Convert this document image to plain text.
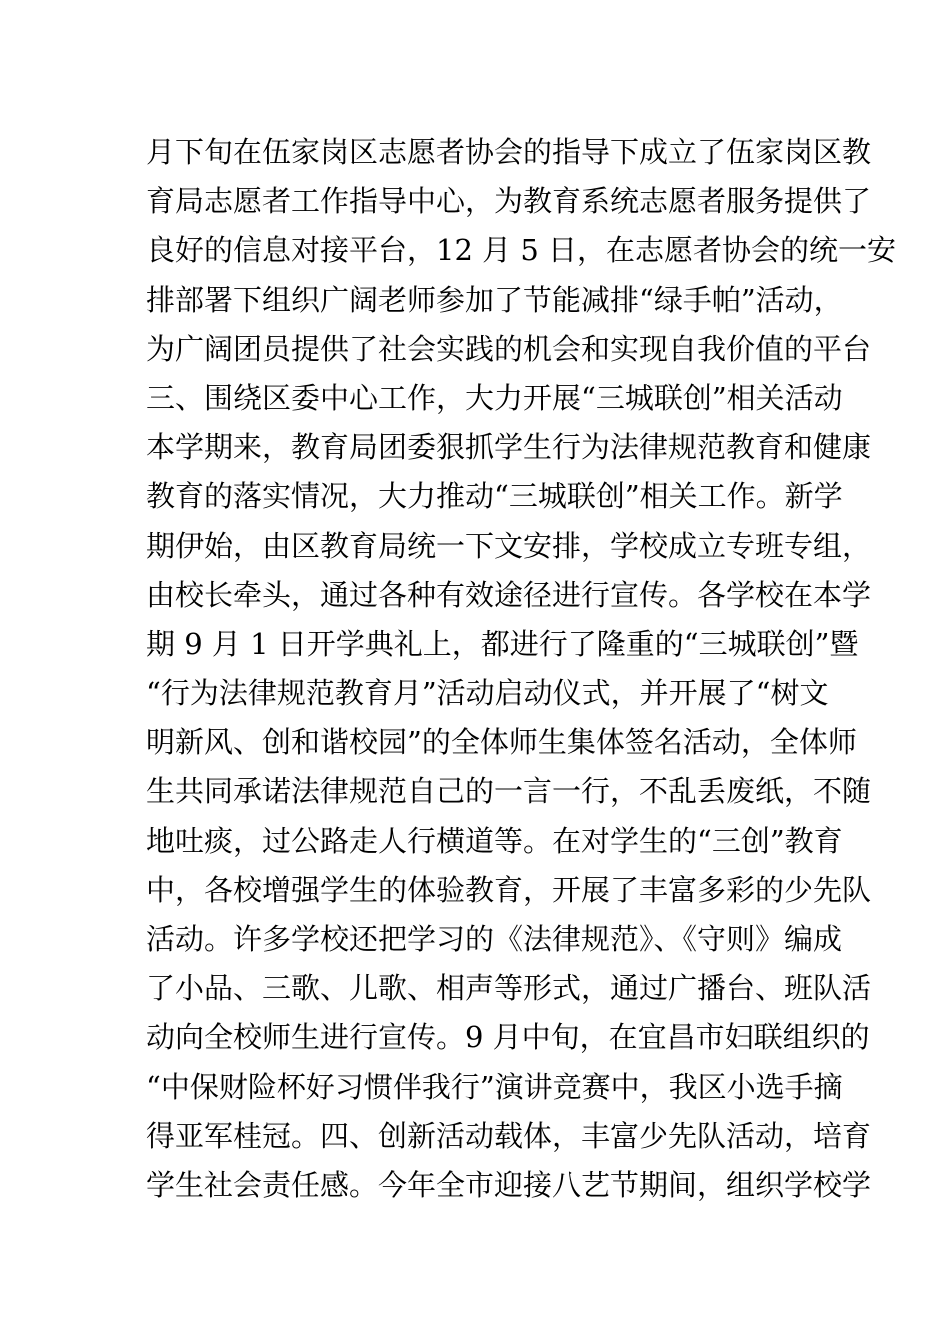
月下旬在伍家岗区志愿者协会的指导下成立了伍家岗区教
育局志愿者工作指导中心，为教育系统志愿者服务提供了
良好的信息对接平台，12 月 5 日，在志愿者协会的统一安
排部署下组织广阔老师参加了节能减排“绿手帕”活动，
为广阔团员提供了社会实践的机会和实现自我价值的平台
三、围绕区委中心工作，大力开展“三城联创”相关活动
本学期来，教育局团委狠抓学生行为法律规范教育和健康
教育的落实情况，大力推动“三城联创”相关工作。新学
期伊始，由区教育局统一下文安排，学校成立专班专组，
由校长牵头，通过各种有效途径进行宣传。各学校在本学
期 9 月 1 日开学典礼上，都进行了隆重的“三城联创”暨
“行为法律规范教育月”活动启动仪式，并开展了“树文
明新风、创和谐校园”的全体师生集体签名活动，全体师
生共同承诺法律规范自己的一言一行，不乱丢废纸，不随
地吐痰，过公路走人行横道等。在对学生的“三创”教育
中，各校增强学生的体验教育，开展了丰富多彩的少先队
活动。许多学校还把学习的《法律规范》、《守则》编成
了小品、三歌、儿歌、相声等形式，通过广播台、班队活
动向全校师生进行宣传。9 月中旬，在宜昌市妇联组织的
“中保财险杯好习惯伴我行”演讲竞赛中，我区小选手摘
得亚军桂冠。四、创新活动载体，丰富少先队活动，培育
学生社会责任感。今年全市迎接八艺节期间，组织学校学
